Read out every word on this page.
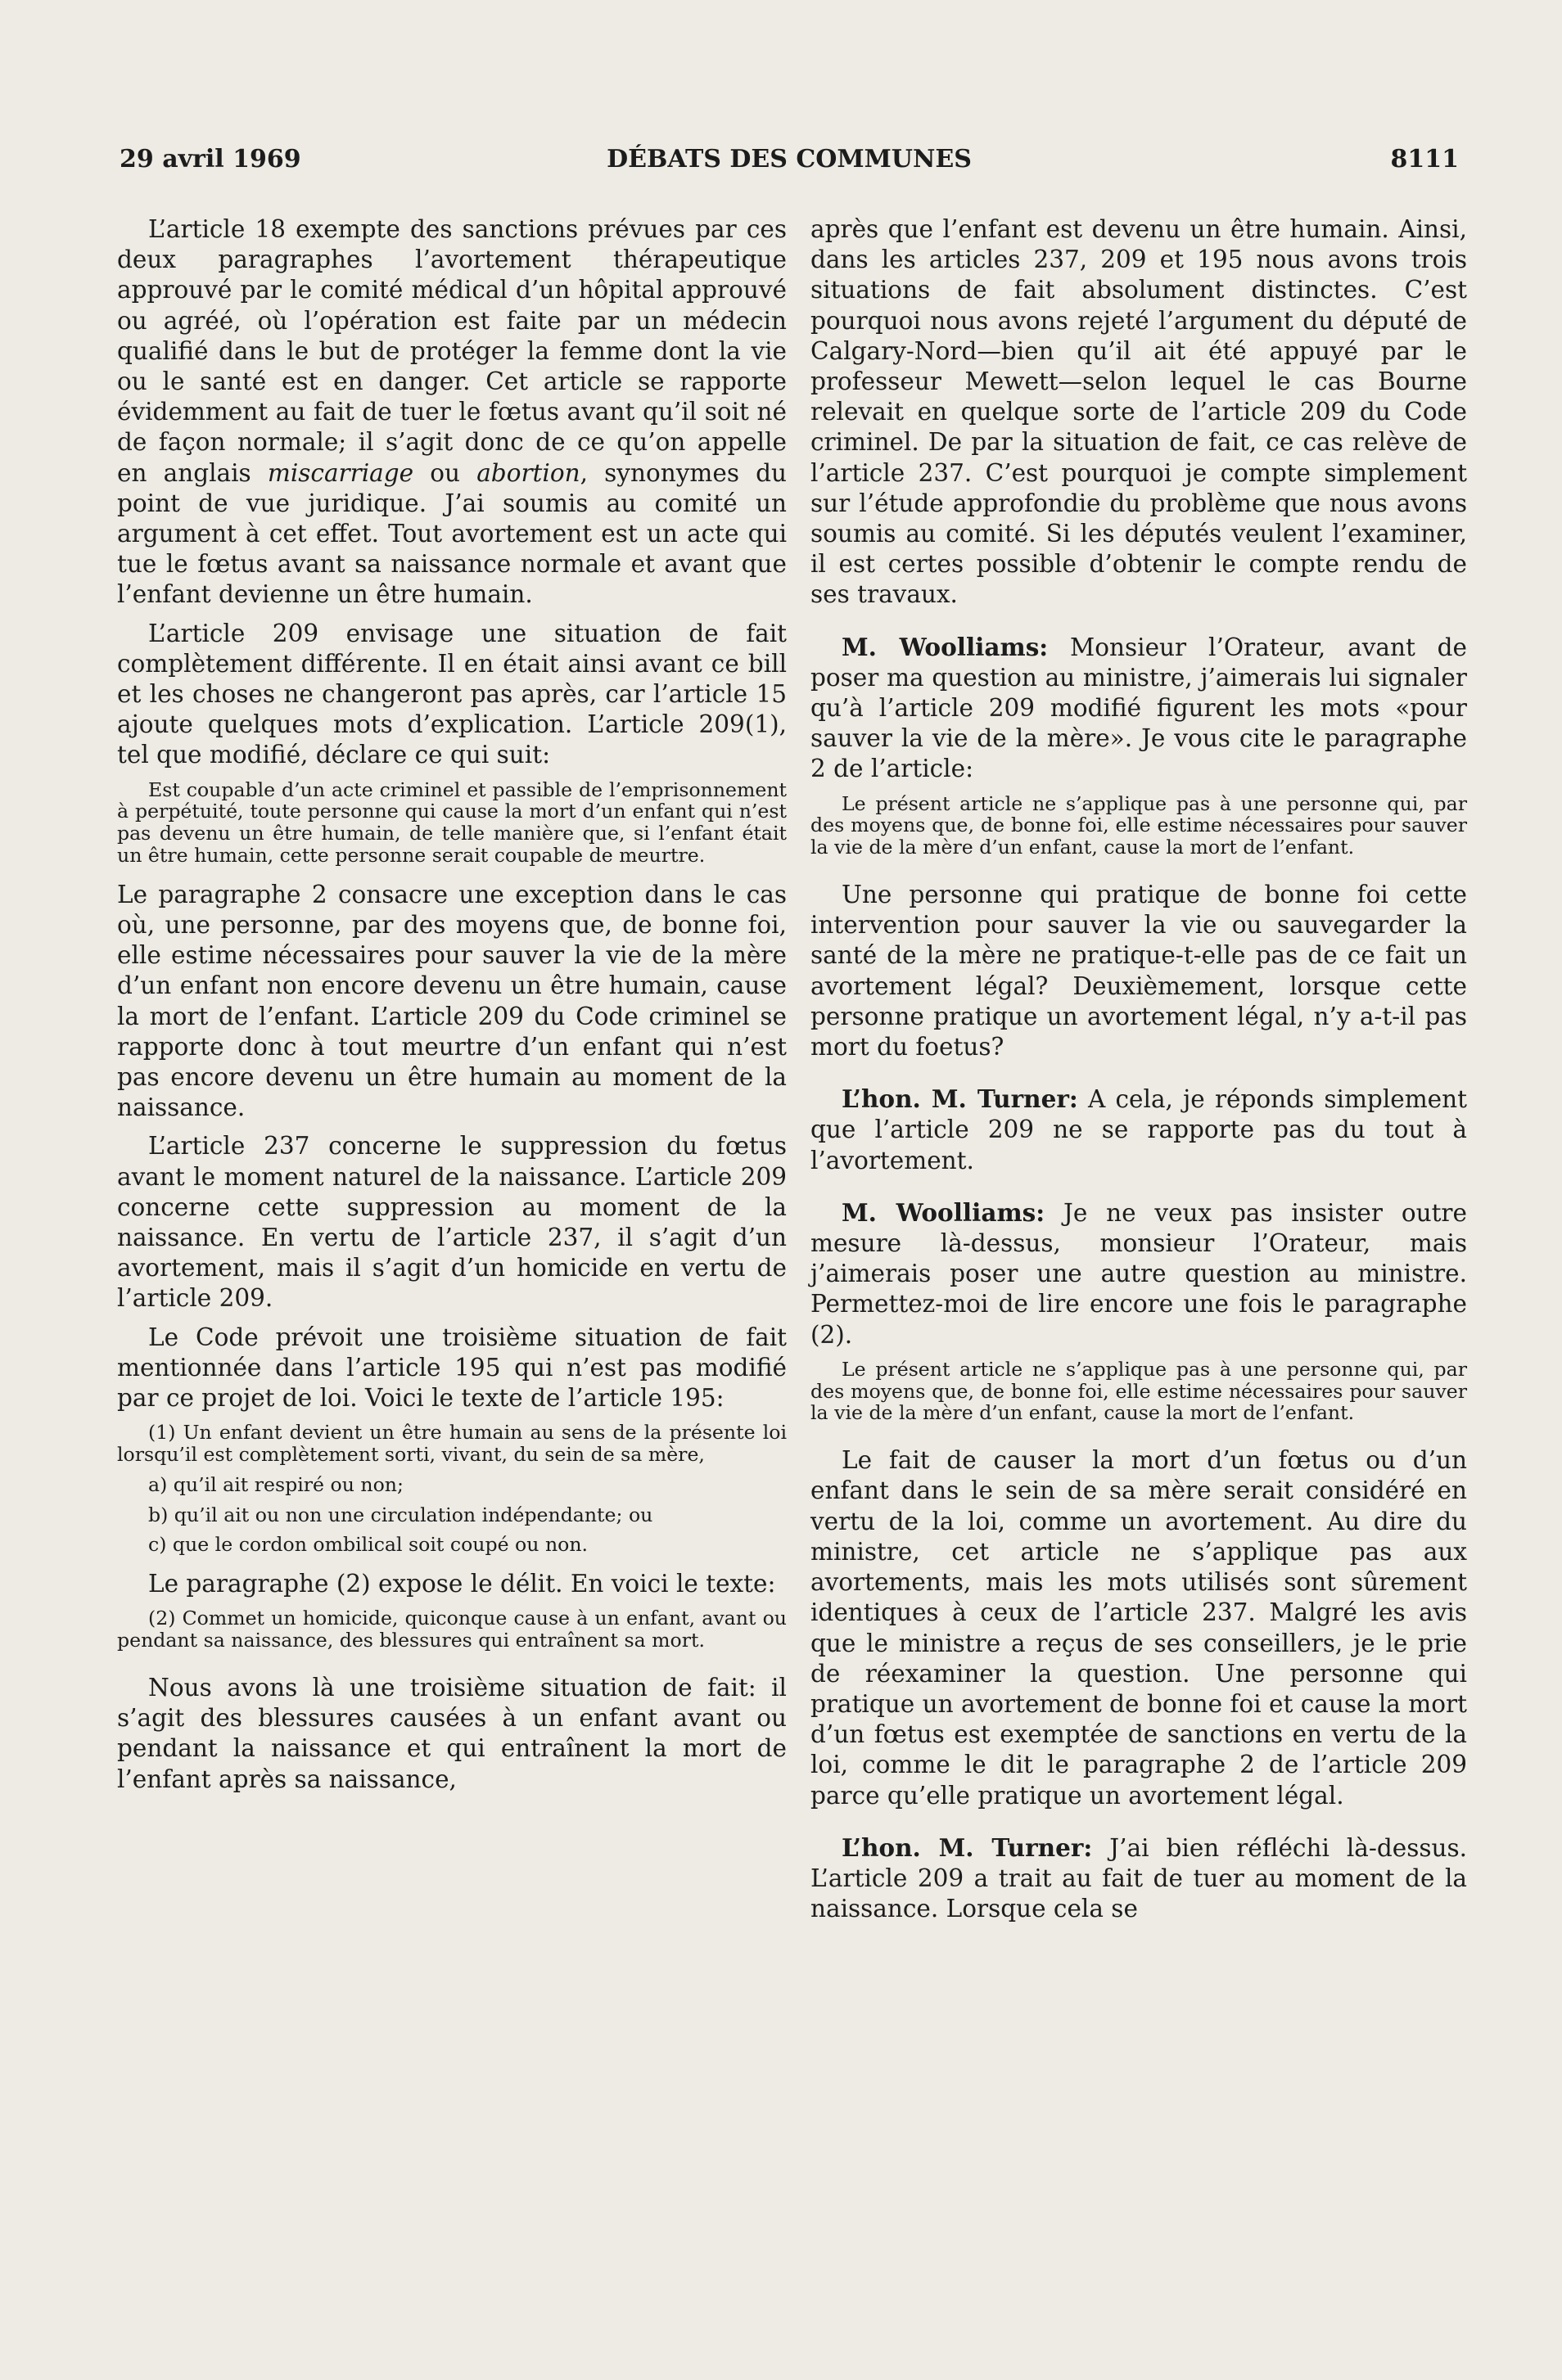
29 avril 1969	DÉBATS DES COMMUNES	8111

L’article 18 exempte des sanctions prévues par ces deux paragraphes l’avortement thérapeutique approuvé par le comité médical d’un hôpital approuvé ou agréé, où l’opération est faite par un médecin qualifié dans le but de protéger la femme dont la vie ou le santé est en danger. Cet article se rapporte évidemment au fait de tuer le fœtus avant qu’il soit né de façon normale; il s’agit donc de ce qu’on appelle en anglais miscarriage ou abortion, synonymes du point de vue juridique. J’ai soumis au comité un argument à cet effet. Tout avortement est un acte qui tue le fœtus avant sa naissance normale et avant que l’enfant devienne un être humain.

L’article 209 envisage une situation de fait complètement différente. Il en était ainsi avant ce bill et les choses ne changeront pas après, car l’article 15 ajoute quelques mots d’explication. L’article 209(1), tel que modifié, déclare ce qui suit:

Est coupable d’un acte criminel et passible de l’emprisonnement à perpétuité, toute personne qui cause la mort d’un enfant qui n’est pas devenu un être humain, de telle manière que, si l’enfant était un être humain, cette personne serait coupable de meurtre.

Le paragraphe 2 consacre une exception dans le cas où, une personne, par des moyens que, de bonne foi, elle estime nécessaires pour sauver la vie de la mère d’un enfant non encore devenu un être humain, cause la mort de l’enfant. L’article 209 du Code criminel se rapporte donc à tout meurtre d’un enfant qui n’est pas encore devenu un être humain au moment de la naissance.

L’article 237 concerne le suppression du fœtus avant le moment naturel de la naissance. L’article 209 concerne cette suppression au moment de la naissance. En vertu de l’article 237, il s’agit d’un avortement, mais il s’agit d’un homicide en vertu de l’article 209.

Le Code prévoit une troisième situation de fait mentionnée dans l’article 195 qui n’est pas modifié par ce projet de loi. Voici le texte de l’article 195:

(1) Un enfant devient un être humain au sens de la présente loi lorsqu’il est complètement sorti, vivant, du sein de sa mère,

a) qu’il ait respiré ou non;

b) qu’il ait ou non une circulation indépendante; ou

c) que le cordon ombilical soit coupé ou non.

Le paragraphe (2) expose le délit. En voici le texte:

(2) Commet un homicide, quiconque cause à un enfant, avant ou pendant sa naissance, des blessures qui entraînent sa mort.

Nous avons là une troisième situation de fait: il s’agit des blessures causées à un enfant avant ou pendant la naissance et qui entraînent la mort de l’enfant après sa naissance,

après que l’enfant est devenu un être humain. Ainsi, dans les articles 237, 209 et 195 nous avons trois situations de fait absolument distinctes. C’est pourquoi nous avons rejeté l’argument du député de Calgary-Nord—bien qu’il ait été appuyé par le professeur Mewett—selon lequel le cas Bourne relevait en quelque sorte de l’article 209 du Code criminel. De par la situation de fait, ce cas relève de l’article 237. C’est pourquoi je compte simplement sur l’étude approfondie du problème que nous avons soumis au comité. Si les députés veulent l’examiner, il est certes possible d’obtenir le compte rendu de ses travaux.

M. Woolliams: Monsieur l’Orateur, avant de poser ma question au ministre, j’aimerais lui signaler qu’à l’article 209 modifié figurent les mots «pour sauver la vie de la mère». Je vous cite le paragraphe 2 de l’article:

Le présent article ne s’applique pas à une personne qui, par des moyens que, de bonne foi, elle estime nécessaires pour sauver la vie de la mère d’un enfant, cause la mort de l’enfant.

Une personne qui pratique de bonne foi cette intervention pour sauver la vie ou sauvegarder la santé de la mère ne pratique-t-elle pas de ce fait un avortement légal? Deuxièmement, lorsque cette personne pratique un avortement légal, n’y a-t-il pas mort du foetus?

L’hon. M. Turner: A cela, je réponds simplement que l’article 209 ne se rapporte pas du tout à l’avortement.

M. Woolliams: Je ne veux pas insister outre mesure là-dessus, monsieur l’Orateur, mais j’aimerais poser une autre question au ministre. Permettez-moi de lire encore une fois le paragraphe (2).

Le présent article ne s’applique pas à une personne qui, par des moyens que, de bonne foi, elle estime nécessaires pour sauver la vie de la mère d’un enfant, cause la mort de l’enfant.

Le fait de causer la mort d’un fœtus ou d’un enfant dans le sein de sa mère serait considéré en vertu de la loi, comme un avortement. Au dire du ministre, cet article ne s’applique pas aux avortements, mais les mots utilisés sont sûrement identiques à ceux de l’article 237. Malgré les avis que le ministre a reçus de ses conseillers, je le prie de réexaminer la question. Une personne qui pratique un avortement de bonne foi et cause la mort d’un fœtus est exemptée de sanctions en vertu de la loi, comme le dit le paragraphe 2 de l’article 209 parce qu’elle pratique un avortement légal.

L’hon. M. Turner: J’ai bien réfléchi là-dessus. L’article 209 a trait au fait de tuer au moment de la naissance. Lorsque cela se
